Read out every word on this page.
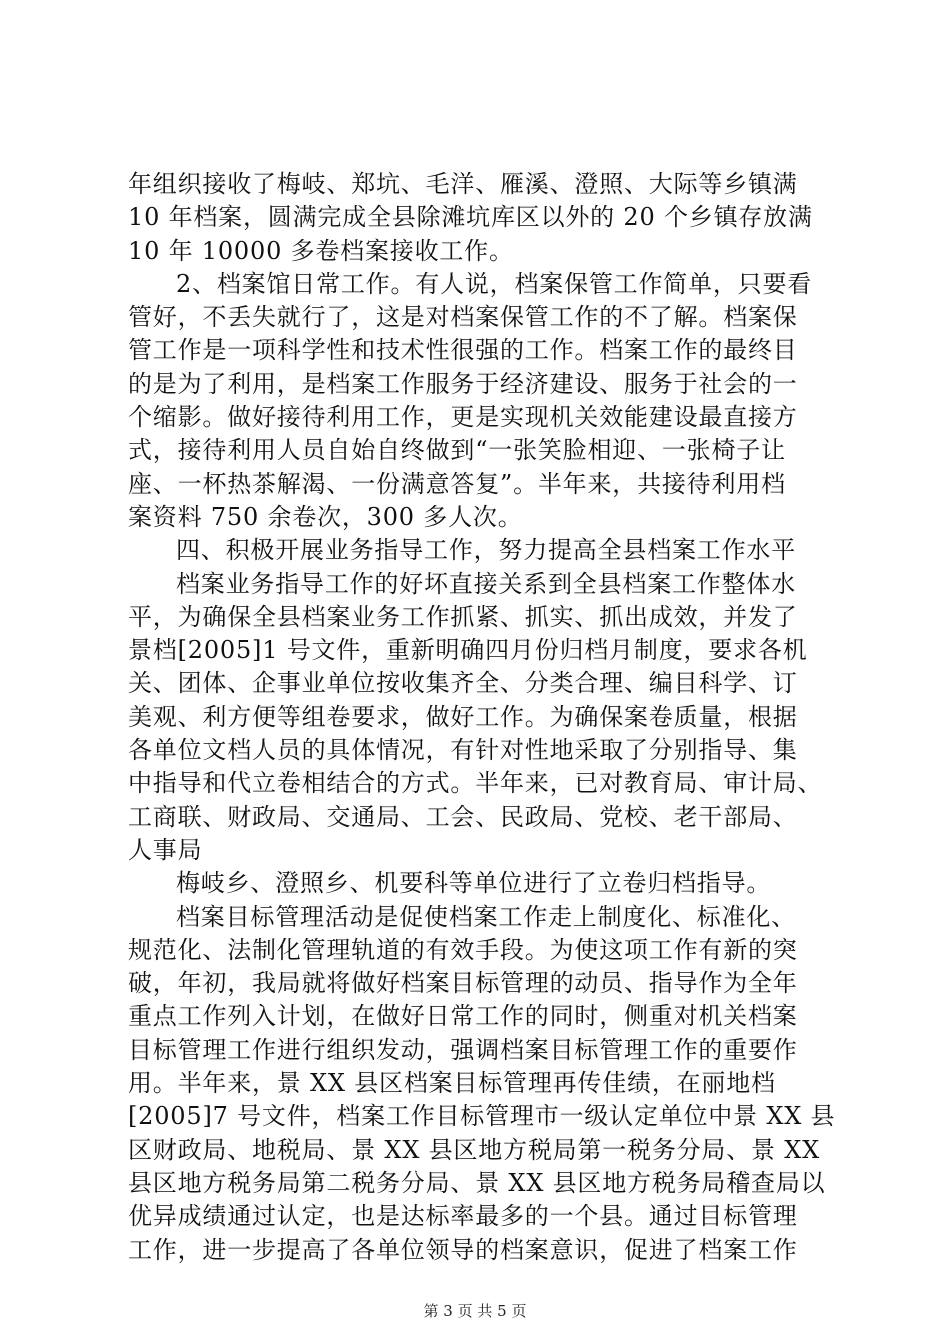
年组织接收了梅岐、郑坑、毛洋、雁溪、澄照、大际等乡镇满
10 年档案，圆满完成全县除滩坑库区以外的 20 个乡镇存放满
10 年 10000 多卷档案接收工作。
2、档案馆日常工作。有人说，档案保管工作简单，只要看
管好，不丢失就行了，这是对档案保管工作的不了解。档案保
管工作是一项科学性和技术性很强的工作。档案工作的最终目
的是为了利用，是档案工作服务于经济建设、服务于社会的一
个缩影。做好接待利用工作，更是实现机关效能建设最直接方
式，接待利用人员自始自终做到“一张笑脸相迎、一张椅子让
座、一杯热茶解渴、一份满意答复”。半年来，共接待利用档
案资料 750 余卷次，300 多人次。
四、积极开展业务指导工作，努力提高全县档案工作水平
档案业务指导工作的好坏直接关系到全县档案工作整体水
平，为确保全县档案业务工作抓紧、抓实、抓出成效，并发了
景档[2005]1 号文件，重新明确四月份归档月制度，要求各机
关、团体、企事业单位按收集齐全、分类合理、编目科学、订
美观、利方便等组卷要求，做好工作。为确保案卷质量，根据
各单位文档人员的具体情况，有针对性地采取了分别指导、集
中指导和代立卷相结合的方式。半年来，已对教育局、审计局、
工商联、财政局、交通局、工会、民政局、党校、老干部局、
人事局
梅岐乡、澄照乡、机要科等单位进行了立卷归档指导。
档案目标管理活动是促使档案工作走上制度化、标准化、
规范化、法制化管理轨道的有效手段。为使这项工作有新的突
破，年初，我局就将做好档案目标管理的动员、指导作为全年
重点工作列入计划，在做好日常工作的同时，侧重对机关档案
目标管理工作进行组织发动，强调档案目标管理工作的重要作
用。半年来，景 XX 县区档案目标管理再传佳绩，在丽地档
[2005]7 号文件，档案工作目标管理市一级认定单位中景 XX 县
区财政局、地税局、景 XX 县区地方税局第一税务分局、景 XX
县区地方税务局第二税务分局、景 XX 县区地方税务局稽查局以
优异成绩通过认定，也是达标率最多的一个县。通过目标管理
工作，进一步提高了各单位领导的档案意识，促进了档案工作
第 3 页 共 5 页
